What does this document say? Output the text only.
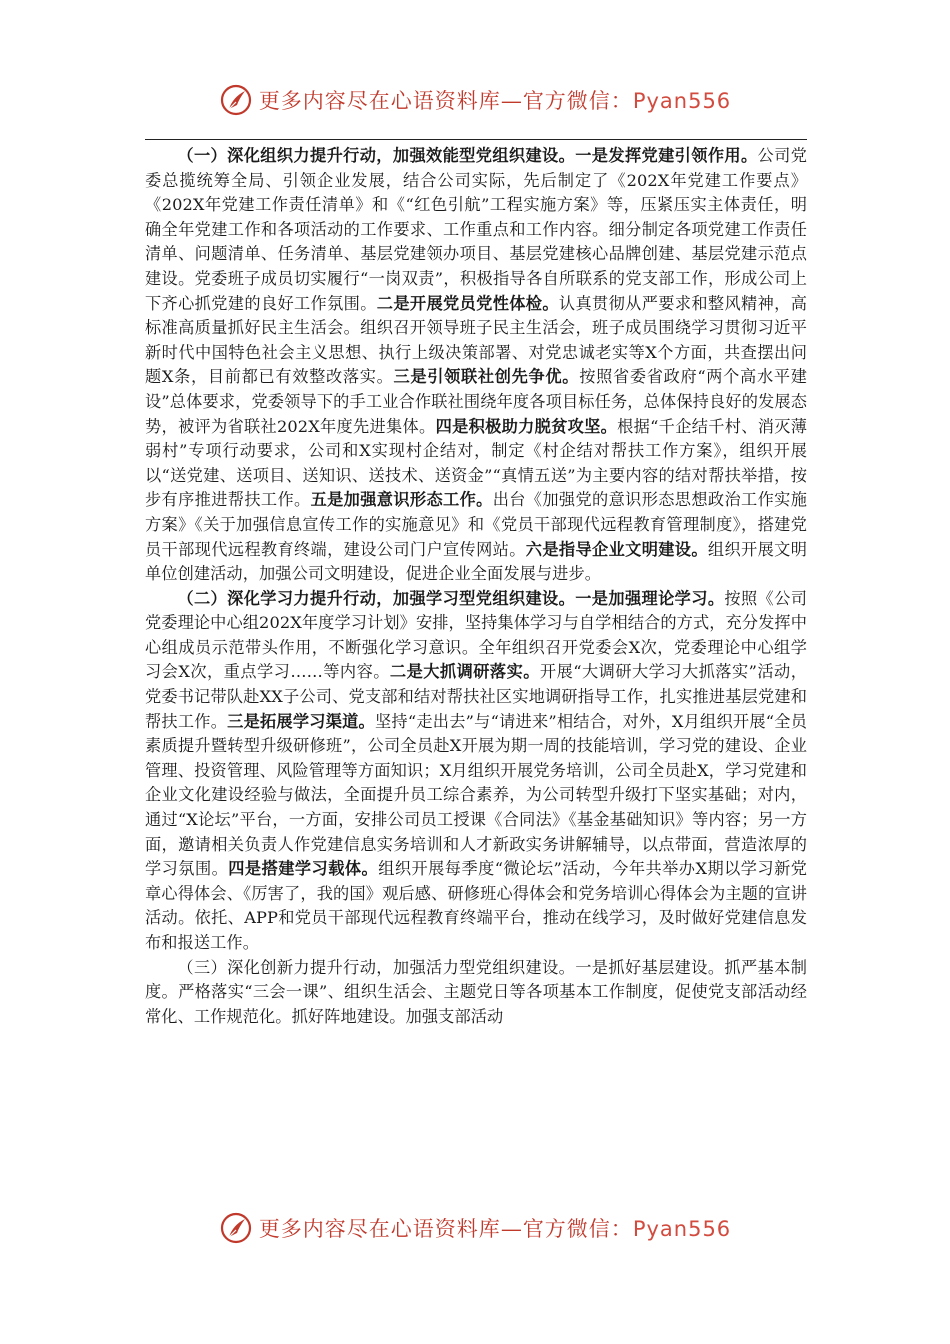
更多内容尽在心语资料库—官方微信：Pyan556

（一）深化组织力提升行动，加强效能型党组织建设。一是发挥党建引领作用。公司党委总揽统筹全局、引领企业发展，结合公司实际，先后制定了《202X年党建工作要点》《202X年党建工作责任清单》和《“红色引航”工程实施方案》等，压紧压实主体责任，明确全年党建工作和各项活动的工作要求、工作重点和工作内容。细分制定各项党建工作责任清单、问题清单、任务清单、基层党建领办项目、基层党建核心品牌创建、基层党建示范点建设。党委班子成员切实履行“一岗双责”，积极指导各自所联系的党支部工作，形成公司上下齐心抓党建的良好工作氛围。二是开展党员党性体检。认真贯彻从严要求和整风精神，高标准高质量抓好民主生活会。组织召开领导班子民主生活会，班子成员围绕学习贯彻习近平新时代中国特色社会主义思想、执行上级决策部署、对党忠诚老实等X个方面，共查摆出问题X条，目前都已有效整改落实。三是引领联社创先争优。按照省委省政府“两个高水平建设”总体要求，党委领导下的手工业合作联社围绕年度各项目标任务，总体保持良好的发展态势，被评为省联社202X年度先进集体。四是积极助力脱贫攻坚。根据“千企结千村、消灭薄弱村”专项行动要求，公司和X实现村企结对，制定《村企结对帮扶工作方案》，组织开展以“送党建、送项目、送知识、送技术、送资金”“真情五送”为主要内容的结对帮扶举措，按步有序推进帮扶工作。五是加强意识形态工作。出台《加强党的意识形态思想政治工作实施方案》《关于加强信息宣传工作的实施意见》和《党员干部现代远程教育管理制度》，搭建党员干部现代远程教育终端，建设公司门户宣传网站。六是指导企业文明建设。组织开展文明单位创建活动，加强公司文明建设，促进企业全面发展与进步。

（二）深化学习力提升行动，加强学习型党组织建设。一是加强理论学习。按照《公司党委理论中心组202X年度学习计划》安排，坚持集体学习与自学相结合的方式，充分发挥中心组成员示范带头作用，不断强化学习意识。全年组织召开党委会X次，党委理论中心组学习会X次，重点学习……等内容。二是大抓调研落实。开展“大调研大学习大抓落实”活动，党委书记带队赴XX子公司、党支部和结对帮扶社区实地调研指导工作，扎实推进基层党建和帮扶工作。三是拓展学习渠道。坚持“走出去”与“请进来”相结合，对外，X月组织开展“全员素质提升暨转型升级研修班”，公司全员赴X开展为期一周的技能培训，学习党的建设、企业管理、投资管理、风险管理等方面知识；X月组织开展党务培训，公司全员赴X，学习党建和企业文化建设经验与做法，全面提升员工综合素养，为公司转型升级打下坚实基础；对内，通过“X论坛”平台，一方面，安排公司员工授课《合同法》《基金基础知识》等内容；另一方面，邀请相关负责人作党建信息实务培训和人才新政实务讲解辅导，以点带面，营造浓厚的学习氛围。四是搭建学习载体。组织开展每季度“微论坛”活动，今年共举办X期以学习新党章心得体会、《厉害了，我的国》观后感、研修班心得体会和党务培训心得体会为主题的宣讲活动。依托、APP和党员干部现代远程教育终端平台，推动在线学习，及时做好党建信息发布和报送工作。

（三）深化创新力提升行动，加强活力型党组织建设。一是抓好基层建设。抓严基本制度。严格落实“三会一课”、组织生活会、主题党日等各项基本工作制度，促使党支部活动经常化、工作规范化。抓好阵地建设。加强支部活动

更多内容尽在心语资料库—官方微信：Pyan556
